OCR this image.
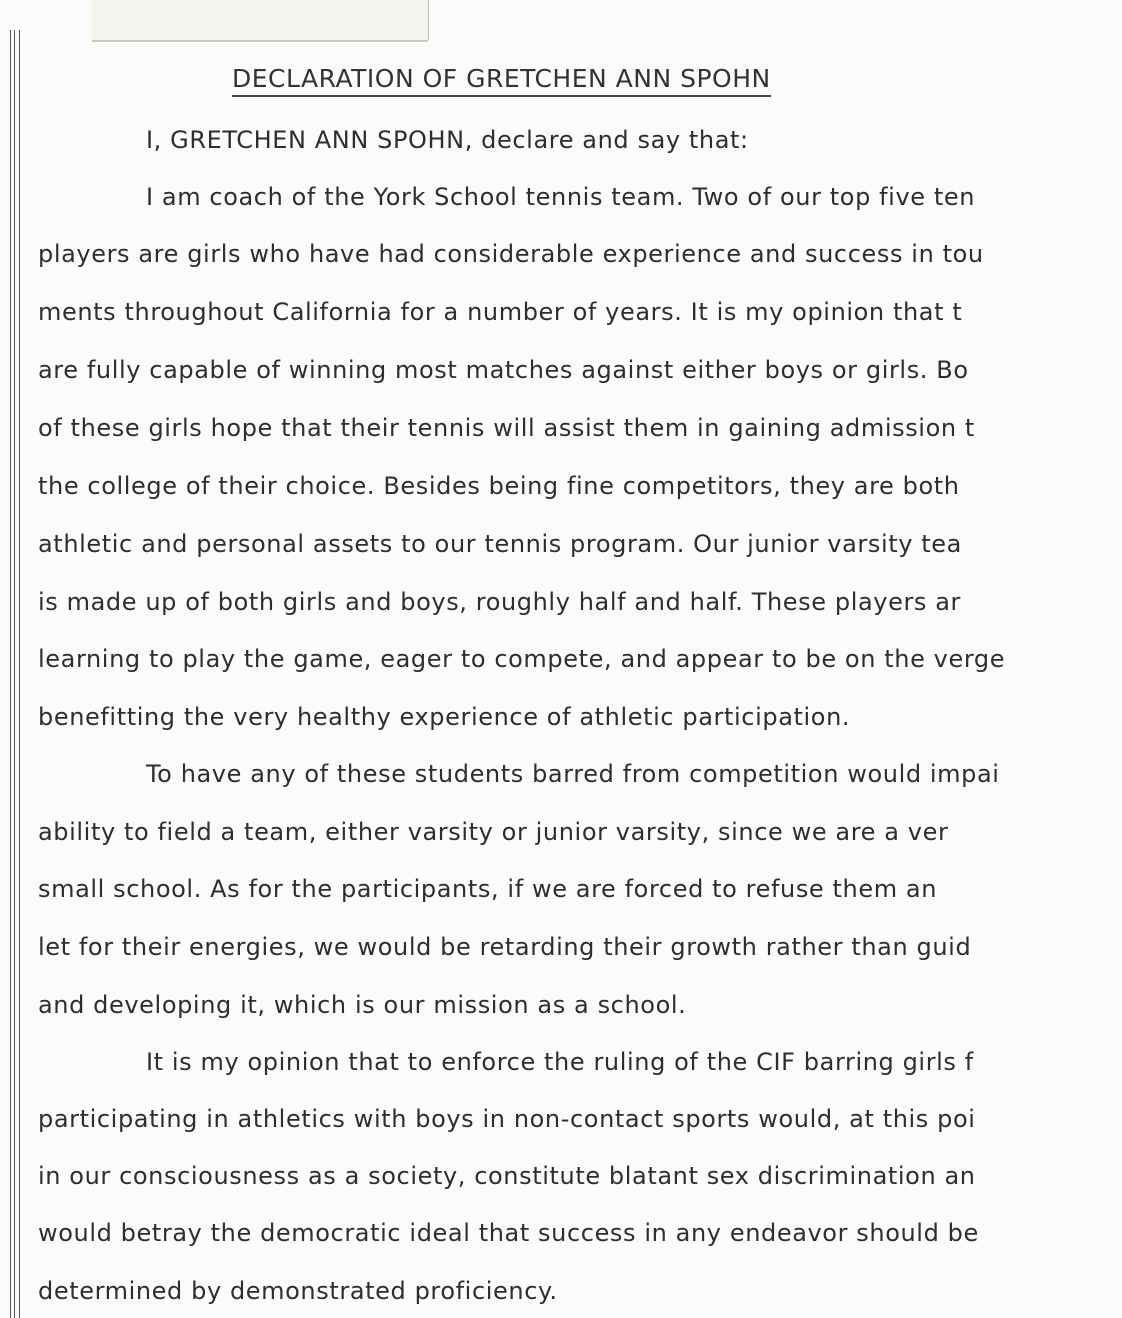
DECLARATION OF GRETCHEN ANN SPOHN

I, GRETCHEN ANN SPOHN, declare and say that:

I am coach of the York School tennis team. Two of our top five ten

players are girls who have had considerable experience and success in tou

ments throughout California for a number of years. It is my opinion that t

are fully capable of winning most matches against either boys or girls. Bo

of these girls hope that their tennis will assist them in gaining admission t

the college of their choice. Besides being fine competitors, they are both

athletic and personal assets to our tennis program. Our junior varsity tea

is made up of both girls and boys, roughly half and half. These players ar

learning to play the game, eager to compete, and appear to be on the verge

benefitting the very healthy experience of athletic participation.

To have any of these students barred from competition would impai

ability to field a team, either varsity or junior varsity, since we are a ver

small school. As for the participants, if we are forced to refuse them an

let for their energies, we would be retarding their growth rather than guid

and developing it, which is our mission as a school.

It is my opinion that to enforce the ruling of the CIF barring girls f

participating in athletics with boys in non-contact sports would, at this poi

in our consciousness as a society, constitute blatant sex discrimination an

would betray the democratic ideal that success in any endeavor should be

determined by demonstrated proficiency.
